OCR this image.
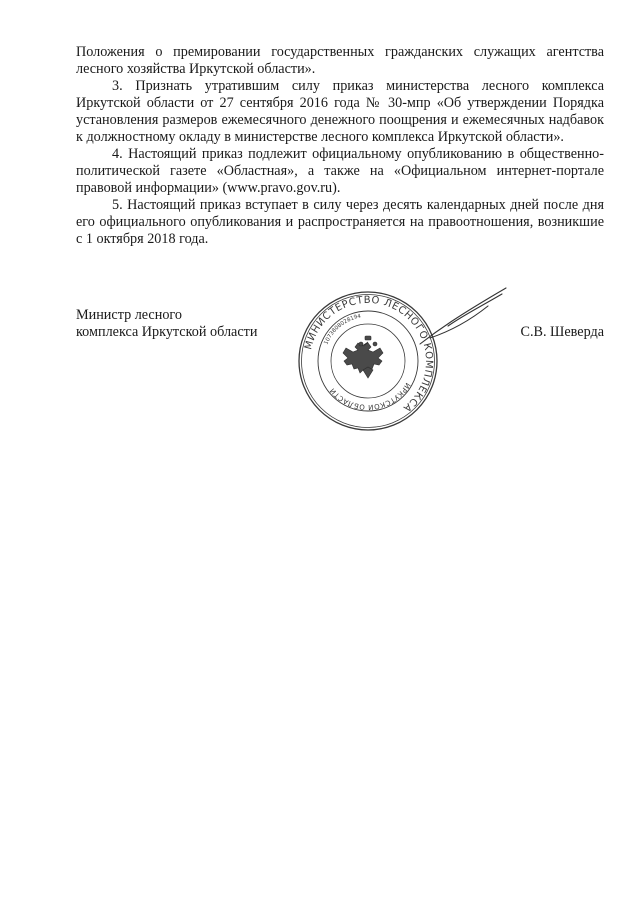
Положения о премировании государственных гражданских служащих агентства лесного хозяйства Иркутской области».

3. Признать утратившим силу приказ министерства лесного комплекса Иркутской области от 27 сентября 2016 года № 30-мпр «Об утверждении Порядка установления размеров ежемесячного денежного поощрения и ежемесячных надбавок к должностному окладу в министерстве лесного комплекса Иркутской области».

4. Настоящий приказ подлежит официальному опубликованию в общественно-политической газете «Областная», а также на «Официальном интернет-портале правовой информации» (www.pravo.gov.ru).

5. Настоящий приказ вступает в силу через десять календарных дней после дня его официального опубликования и распространяется на правоотношения, возникшие с 1 октября 2018 года.

Министр лесного
комплекса Иркутской области	С.В. Шеверда
МИНИСТЕРСТВО ЛЕСНОГО КОМПЛЕКСА
ИРКУТСКОЙ ОБЛАСТИ
1073808028194
